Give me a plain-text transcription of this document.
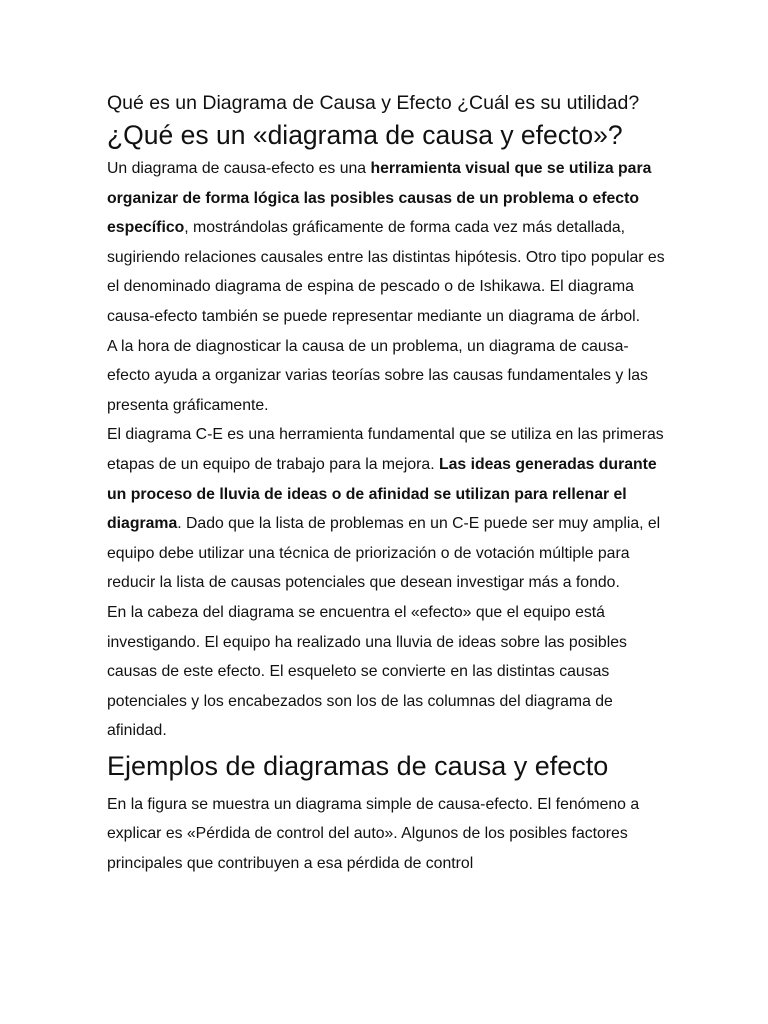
Qué es un Diagrama de Causa y Efecto ¿Cuál es su utilidad?
¿Qué es un «diagrama de causa y efecto»?

Un diagrama de causa-efecto es una herramienta visual que se utiliza para organizar de forma lógica las posibles causas de un problema o efecto específico, mostrándolas gráficamente de forma cada vez más detallada, sugiriendo relaciones causales entre las distintas hipótesis. Otro tipo popular es el denominado diagrama de espina de pescado o de Ishikawa. El diagrama causa-efecto también se puede representar mediante un diagrama de árbol.

A la hora de diagnosticar la causa de un problema, un diagrama de causa-efecto ayuda a organizar varias teorías sobre las causas fundamentales y las presenta gráficamente.

El diagrama C-E es una herramienta fundamental que se utiliza en las primeras etapas de un equipo de trabajo para la mejora. Las ideas generadas durante un proceso de lluvia de ideas o de afinidad se utilizan para rellenar el diagrama. Dado que la lista de problemas en un C-E puede ser muy amplia, el equipo debe utilizar una técnica de priorización o de votación múltiple para reducir la lista de causas potenciales que desean investigar más a fondo.

En la cabeza del diagrama se encuentra el «efecto» que el equipo está investigando. El equipo ha realizado una lluvia de ideas sobre las posibles causas de este efecto. El esqueleto se convierte en las distintas causas potenciales y los encabezados son los de las columnas del diagrama de afinidad.

Ejemplos de diagramas de causa y efecto

En la figura se muestra un diagrama simple de causa-efecto. El fenómeno a explicar es «Pérdida de control del auto». Algunos de los posibles factores principales que contribuyen a esa pérdida de control
